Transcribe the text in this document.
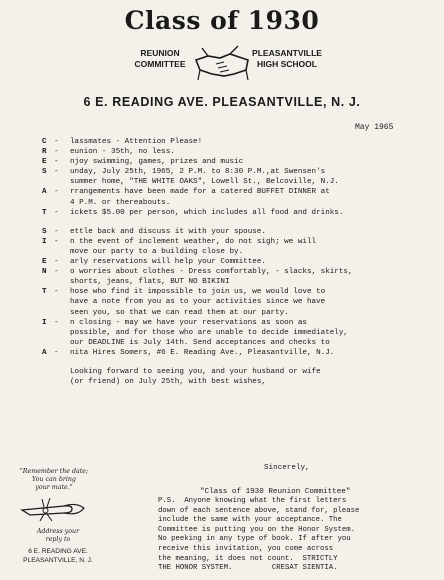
Class of 1930
REUNION
COMMITTEE
PLEASANTVILLE
HIGH SCHOOL
6 E. READING AVE. PLEASANTVILLE, N. J.
May 1965
C -	lassmates - Attention Please!
R -	eunion - 35th, no less.
E -	njoy swimming, games, prizes and music
S -	unday, July 25th, 1965, 2 P.M. to 8:30 P.M.,at Swensen's
summer home, "THE WHITE OAKS", Lowell St., Belcoville, N.J.
A -	rrangements have been made for a catered BUFFET DINNER at
4 P.M. or thereabouts.
T -	ickets $5.00 per person, which includes all food and drinks.
S -	ettle back and discuss it with your spouse.
I -	n the event of inclement weather, do not sigh; we will
move our party to a building close by.
E -	arly reservations will help your Committee.
N -	o worries about clothes - Dress comfortably, - slacks, skirts,
shorts, jeans, flats, BUT NO BIKINI
T -	hose who find it impossible to join us, we would love to
have a note from you as to your activities since we have
seen you, so that we can read them at our party.
I -	n closing - may we have your reservations as soon as
possible, and for those who are unable to decide immediately,
our DEADLINE is July 14th. Send acceptances and checks to
A -	nita Hires Somers, #6 E. Reading Ave., Pleasantville, N.J.
Looking forward to seeing you, and your husband or wife
(or friend) on July 25th, with best wishes,
Sincerely,
"Class of 1930 Reunion Committee"
"Remember the date;
You can bring
your mate."
Address your
reply to
6 E. READING AVE.
PLEASANTVILLE, N. J.
P.S.  Anyone knowing what the first letters
down of each sentence above, stand for, please
include the same with your acceptance. The
Committee is putting you on the Honor System.
No peeking in any type of book. If after you
receive this invitation, you come across
the meaning, it does not count.  STRICTLY
THE HONOR SYSTEM.         CRESAT SIENTIA.
